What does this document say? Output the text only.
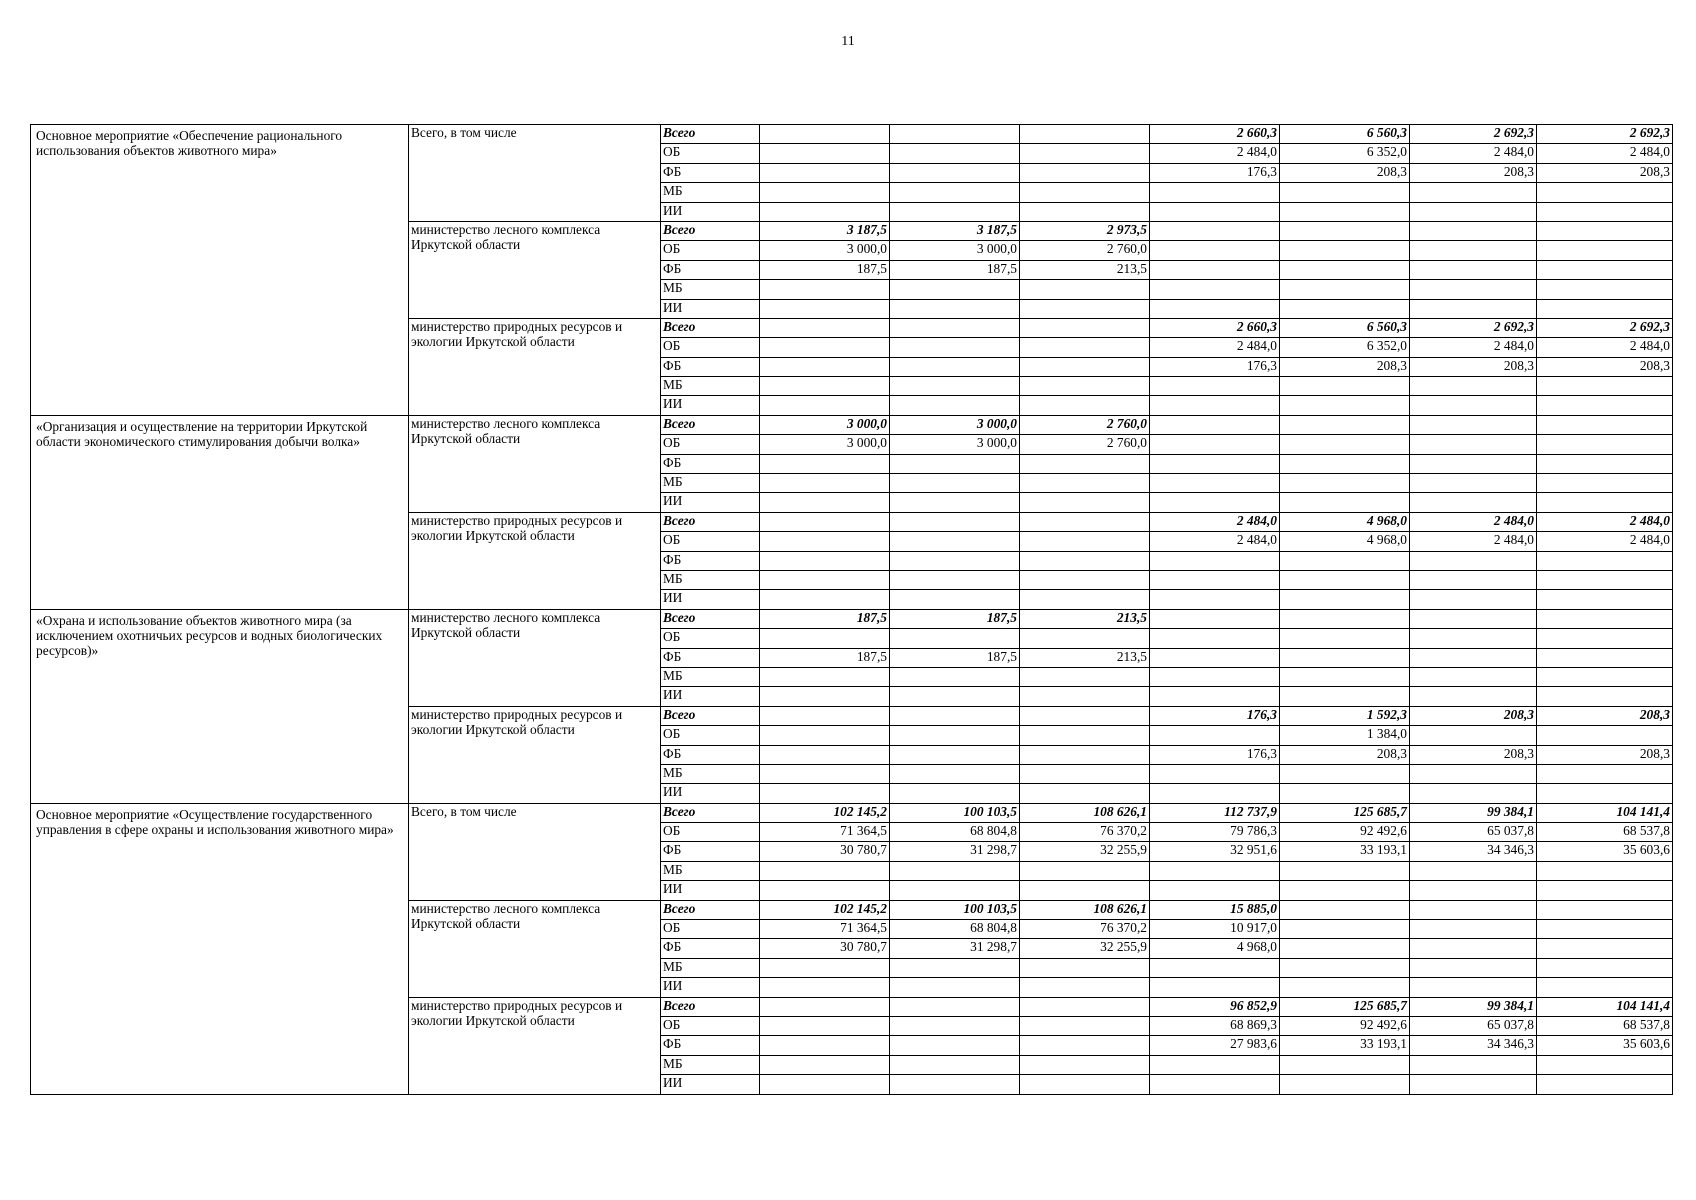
11
Основное мероприятие «Обеспечение рационального использования объектов животного мира»	Всего, в том числе	Всего				2 660,3	6 560,3	2 692,3	2 692,3	
		ОБ				2 484,0	6 352,0	2 484,0	2 484,0	
		ФБ				176,3	208,3	208,3	208,3	
		МБ								
		ИИ								
	министерство лесного комплекса Иркутской области	Всего	3 187,5	3 187,5	2 973,5					
		ОБ	3 000,0	3 000,0	2 760,0					
		ФБ	187,5	187,5	213,5					
		МБ								
		ИИ								
	министерство природных ресурсов и экологии Иркутской области	Всего				2 660,3	6 560,3	2 692,3	2 692,3	
		ОБ				2 484,0	6 352,0	2 484,0	2 484,0	
		ФБ				176,3	208,3	208,3	208,3	
		МБ								
		ИИ								
«Организация и осуществление на территории Иркутской области экономического стимулирования добычи волка»	министерство лесного комплекса Иркутской области	Всего	3 000,0	3 000,0	2 760,0					
		ОБ	3 000,0	3 000,0	2 760,0					
		ФБ								
		МБ								
		ИИ								
	министерство природных ресурсов и экологии Иркутской области	Всего				2 484,0	4 968,0	2 484,0	2 484,0	
		ОБ				2 484,0	4 968,0	2 484,0	2 484,0	
		ФБ								
		МБ								
		ИИ								
«Охрана и использование объектов животного мира (за исключением охотничьих ресурсов и водных биологических ресурсов)»	министерство лесного комплекса Иркутской области	Всего	187,5	187,5	213,5					
		ОБ								
		ФБ	187,5	187,5	213,5					
		МБ								
		ИИ								
	министерство природных ресурсов и экологии Иркутской области	Всего				176,3	1 592,3	208,3	208,3	
		ОБ					1 384,0			
		ФБ				176,3	208,3	208,3	208,3	
		МБ								
		ИИ								
Основное мероприятие «Осуществление государственного управления в сфере охраны и использования животного мира»	Всего, в том числе	Всего	102 145,2	100 103,5	108 626,1	112 737,9	125 685,7	99 384,1	104 141,4	
		ОБ	71 364,5	68 804,8	76 370,2	79 786,3	92 492,6	65 037,8	68 537,8	
		ФБ	30 780,7	31 298,7	32 255,9	32 951,6	33 193,1	34 346,3	35 603,6	
		МБ								
		ИИ								
	министерство лесного комплекса Иркутской области	Всего	102 145,2	100 103,5	108 626,1	15 885,0				
		ОБ	71 364,5	68 804,8	76 370,2	10 917,0				
		ФБ	30 780,7	31 298,7	32 255,9	4 968,0				
		МБ								
		ИИ								
	министерство природных ресурсов и экологии Иркутской области	Всего				96 852,9	125 685,7	99 384,1	104 141,4	
		ОБ				68 869,3	92 492,6	65 037,8	68 537,8	
		ФБ				27 983,6	33 193,1	34 346,3	35 603,6	
		МБ								
		ИИ								
